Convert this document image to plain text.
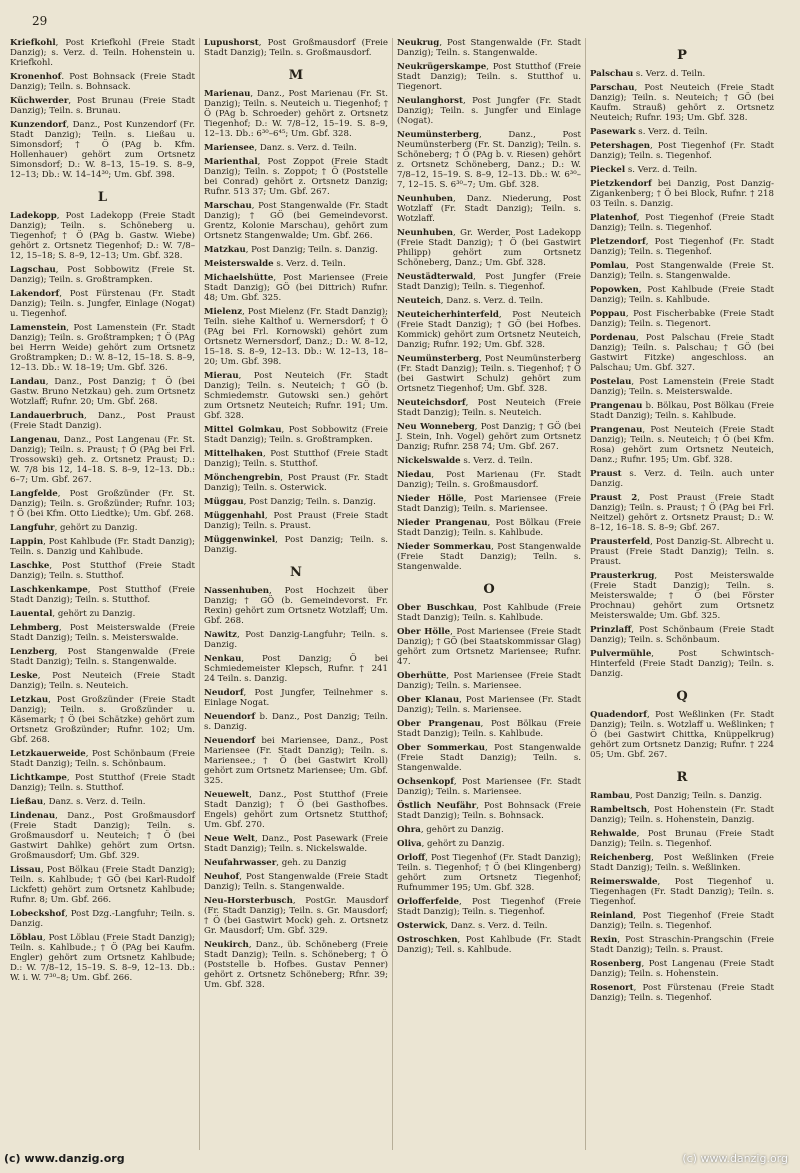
29
Kriefkohl, Post Kriefkohl (Freie Stadt Danzig); s. Verz. d. Teiln. Hohenstein u. Kriefkohl.
Kronenhof. Post Bohnsack (Freie Stadt Danzig); Teiln. s. Bohnsack.
Küchwerder, Post Brunau (Freie Stadt Danzig); Teiln. s. Brunau.
Kunzendorf, Danz., Post Kunzendorf (Fr. Stadt Danzig); Teiln. s. Ließau u. Simonsdorf; † Ö (PAg b. Kfm. Hollenhauer) gehört zum Ortsnetz Simonsdorf; D.: W. 8–13, 15–19. S. 8–9, 12–13; Db.: W. 14–14³⁰; Um. Gbf. 398.
L
Ladekopp, Post Ladekopp (Freie Stadt Danzig); Teiln. s. Schöneberg u. Tiegenhof; † Ö (PAg b. Gastw. Wiebe) gehört z. Ortsnetz Tiegenhof; D.: W. 7/8–12, 15–18; S. 8–9, 12–13; Um. Gbf. 328.
Lagschau, Post Sobbowitz (Freie St. Danzig); Teiln. s. Großtrampken.
Lakendorf, Post Fürstenau (Fr. Stadt Danzig); Teiln. s. Jungfer, Einlage (Nogat) u. Tiegenhof.
Lamenstein, Post Lamenstein (Fr. Stadt Danzig); Teiln. s. Großtrampken; † Ö (PAg bei Herrn Weide) gehört zum Ortsnetz Großtrampken; D.: W. 8–12, 15–18. S. 8–9, 12–13. Db.: W. 18–19; Um. Gbf. 326.
Landau, Danz., Post Danzig; † Ö (bei Gastw. Bruno Netzkau) geh. zum Ortsnetz Wotzlaff; Rufnr. 20; Um. Gbf. 268.
Landauerbruch, Danz., Post Praust (Freie Stadt Danzig).
Langenau, Danz., Post Langenau (Fr. St. Danzig); Teiln. s. Praust; † Ö (PAg bei Frl. Trossowski) geh. z. Ortsnetz Praust; D.: W. 7/8 bis 12, 14–18. S. 8–9, 12–13. Db.: 6–7; Um. Gbf. 267.
Langfelde, Post Großzünder (Fr. St. Danzig); Teiln. s. Großzünder; Rufnr. 103; † Ö (bei Kfm. Otto Liedtke); Um. Gbf. 268.
Langfuhr, gehört zu Danzig.
Lappin, Post Kahlbude (Fr. Stadt Danzig); Teiln. s. Danzig und Kahlbude.
Laschke, Post Stutthof (Freie Stadt Danzig); Teiln. s. Stutthof.
Laschkenkampe, Post Stutthof (Freie Stadt Danzig); Teiln. s. Stutthof.
Lauental, gehört zu Danzig.
Lehmberg, Post Meisterswalde (Freie Stadt Danzig); Teiln. s. Meisterswalde.
Lenzberg, Post Stangenwalde (Freie Stadt Danzig); Teiln. s. Stangenwalde.
Leske, Post Neuteich (Freie Stadt Danzig); Teiln. s. Neuteich.
Letzkau, Post Großzünder (Freie Stadt Danzig); Teiln. s. Großzünder u. Käsemark; † Ö (bei Schätzke) gehört zum Ortsnetz Großzünder; Rufnr. 102; Um. Gbf. 268.
Letzkauerweide, Post Schönbaum (Freie Stadt Danzig); Teiln. s. Schönbaum.
Lichtkampe, Post Stutthof (Freie Stadt Danzig); Teiln. s. Stutthof.
Ließau, Danz. s. Verz. d. Teiln.
Lindenau, Danz., Post Großmausdorf (Freie Stadt Danzig); Teiln. s. Großmausdorf u. Neuteich; † Ö (bei Gastwirt Dahlke) gehört zum Ortsn. Großmausdorf; Um. Gbf. 329.
Lissau, Post Bölkau (Freie Stadt Danzig); Teiln. s. Kahlbude; † GÖ (bei Karl-Rudolf Lickfett) gehört zum Ortsnetz Kahlbude; Rufnr. 8; Um. Gbf. 266.
Lobeckshof, Post Dzg.-Langfuhr; Teiln. s. Danzig.
Löblau, Post Löblau (Freie Stadt Danzig); Teiln. s. Kahlbude.; † Ö (PAg bei Kaufm. Engler) gehört zum Ortsnetz Kahlbude; D.: W. 7/8–12, 15–19. S. 8–9, 12–13. Db.: W. i. W. 7³⁰–8; Um. Gbf. 266.
Lupushorst, Post Großmausdorf (Freie Stadt Danzig); Teiln. s. Großmausdorf.
M
Marienau, Danz., Post Marienau (Fr. St. Danzig); Teiln. s. Neuteich u. Tiegenhof; † Ö (PAg b. Schroeder) gehört z. Ortsnetz Tiegenhof; D.: W. 7/8–12, 15–19. S. 8–9, 12–13. Db.: 6³⁰–6⁴⁵; Um. Gbf. 328.
Mariensee, Danz. s. Verz. d. Teiln.
Marienthal, Post Zoppot (Freie Stadt Danzig); Teiln. s. Zoppot; † Ö (Poststelle bei Conrad) gehört z. Ortsnetz Danzig; Rufnr. 513 37; Um. Gbf. 267.
Marschau, Post Stangenwalde (Fr. Stadt Danzig); † GÖ (bei Gemeindevorst. Grentz, Kolonie Marschau), gehört zum Ortsnetz Stangenwalde; Um. Gbf. 266.
Matzkau, Post Danzig; Teiln. s. Danzig.
Meisterswalde s. Verz. d. Teiln.
Michaelshütte, Post Mariensee (Freie Stadt Danzig); GÖ (bei Dittrich) Rufnr. 48; Um. Gbf. 325.
Mielenz, Post Mielenz (Fr. Stadt Danzig); Teiln. siehe Kalthof u. Wernersdorf; † Ö (PAg bei Frl. Kornowski) gehört zum Ortsnetz Wernersdorf, Danz.; D.: W. 8–12, 15–18. S. 8–9, 12–13. Db.: W. 12–13, 18–20; Um. Gbf. 398.
Mierau, Post Neuteich (Fr. Stadt Danzig); Teiln. s. Neuteich; † GÖ (b. Schmiedemstr. Gutowski sen.) gehört zum Ortsnetz Neuteich; Rufnr. 191; Um. Gbf. 328.
Mittel Golmkau, Post Sobbowitz (Freie Stadt Danzig); Teiln. s. Großtrampken.
Mittelhaken, Post Stutthof (Freie Stadt Danzig); Teiln. s. Stutthof.
Mönchengrebin, Post Praust (Fr. Stadt Danzig); Teiln. s. Osterwick.
Müggau, Post Danzig; Teiln. s. Danzig.
Müggenhahl, Post Praust (Freie Stadt Danzig); Teiln. s. Praust.
Müggenwinkel, Post Danzig; Teiln. s. Danzig.
N
Nassenhuben, Post Hochzeit über Danzig; † GÖ (b. Gemeindevorst. Fr. Rexin) gehört zum Ortsnetz Wotzlaff; Um. Gbf. 268.
Nawitz, Post Danzig-Langfuhr; Teiln. s. Danzig.
Nenkau, Post Danzig; Ö bei Schmiedemeister Klepsch, Rufnr. † 241 24 Teiln. s. Danzig.
Neudorf, Post Jungfer, Teilnehmer s. Einlage Nogat.
Neuendorf b. Danz., Post Danzig; Teiln. s. Danzig.
Neuendorf bei Mariensee, Danz., Post Mariensee (Fr. Stadt Danzig); Teiln. s. Mariensee.; † Ö (bei Gastwirt Kroll) gehört zum Ortsnetz Mariensee; Um. Gbf. 325.
Neuewelt, Danz., Post Stutthof (Freie Stadt Danzig); † Ö (bei Gasthofbes. Engels) gehört zum Ortsnetz Stutthof; Um. Gbf. 270.
Neue Welt, Danz., Post Pasewark (Freie Stadt Danzig); Teiln. s. Nickelswalde.
Neufahrwasser, geh. zu Danzig
Neuhof, Post Stangenwalde (Freie Stadt Danzig); Teiln. s. Stangenwalde.
Neu-Horsterbusch, PostGr. Mausdorf (Fr. Stadt Danzig); Teiln. s. Gr. Mausdorf; † Ö (bei Gastwirt Mock) geh. z. Ortsnetz Gr. Mausdorf; Um. Gbf. 329.
Neukirch, Danz., üb. Schöneberg (Freie Stadt Danzig); Teiln. s. Schöneberg; † Ö (Poststelle b. Hofbes. Gustav Penner) gehört z. Ortsnetz Schöneberg; Rfnr. 39; Um. Gbf. 328.
Neukrug, Post Stangenwalde (Fr. Stadt Danzig); Teiln. s. Stangenwalde.
Neukrügerskampe, Post Stutthof (Freie Stadt Danzig); Teiln. s. Stutthof u. Tiegenort.
Neulanghorst, Post Jungfer (Fr. Stadt Danzig); Teiln. s. Jungfer und Einlage (Nogat).
Neumünsterberg, Danz., Post Neumünsterberg (Fr. St. Danzig); Teiln. s. Schöneberg; † Ö (PAg b. v. Riesen) gehört z. Ortsnetz Schöneberg, Danz.; D.: W. 7/8–12, 15–19. S. 8–9, 12–13. Db.: W. 6³⁰–7, 12–15. S. 6³⁰–7; Um. Gbf. 328.
Neunhuben, Danz. Niederung, Post Wotzlaff (Fr. Stadt Danzig); Teiln. s. Wotzlaff.
Neunhuben, Gr. Werder, Post Ladekopp (Freie Stadt Danzig); † Ö (bei Gastwirt Philipp) gehört zum Ortsnetz Schöneberg, Danz.; Um. Gbf. 328.
Neustädterwald, Post Jungfer (Freie Stadt Danzig); Teiln. s. Tiegenhof.
Neuteich, Danz. s. Verz. d. Teiln.
Neuteicherhinterfeld, Post Neuteich (Freie Stadt Danzig); † GÖ (bei Hofbes. Kommick) gehört zum Ortsnetz Neuteich, Danzig; Rufnr. 192; Um. Gbf. 328.
Neumünsterberg, Post Neumünsterberg (Fr. Stadt Danzig); Teiln. s. Tiegenhof; † Ö (bei Gastwirt Schulz) gehört zum Ortsnetz Tiegenhof; Um. Gbf. 328.
Neuteichsdorf, Post Neuteich (Freie Stadt Danzig); Teiln. s. Neuteich.
Neu Wonneberg, Post Danzig; † GÖ (bei J. Stein, Inh. Vogel) gehört zum Ortsnetz Danzig; Rufnr. 258 74; Um. Gbf. 267.
Nickelswalde s. Verz. d. Teiln.
Niedau, Post Marienau (Fr. Stadt Danzig); Teiln. s. Großmausdorf.
Nieder Hölle, Post Mariensee (Freie Stadt Danzig); Teiln. s. Mariensee.
Nieder Prangenau, Post Bölkau (Freie Stadt Danzig); Teiln. s. Kahlbude.
Nieder Sommerkau, Post Stangenwalde (Freie Stadt Danzig); Teiln. s. Stangenwalde.
O
Ober Buschkau, Post Kahlbude (Freie Stadt Danzig); Teiln. s. Kahlbude.
Ober Hölle, Post Mariensee (Freie Stadt Danzig); † GÖ (bei Staatskommissar Glag) gehört zum Ortsnetz Mariensee; Rufnr. 47.
Oberhütte, Post Mariensee (Freie Stadt Danzig); Teiln. s. Mariensee.
Ober Klanau, Post Mariensee (Fr. Stadt Danzig); Teiln. s. Mariensee.
Ober Prangenau, Post Bölkau (Freie Stadt Danzig); Teiln. s. Kahlbude.
Ober Sommerkau, Post Stangenwalde (Freie Stadt Danzig); Teiln. s. Stangenwalde.
Ochsenkopf, Post Mariensee (Fr. Stadt Danzig); Teiln. s. Mariensee.
Östlich Neufähr, Post Bohnsack (Freie Stadt Danzig); Teiln. s. Bohnsack.
Ohra, gehört zu Danzig.
Oliva, gehört zu Danzig.
Orloff, Post Tiegenhof (Fr. Stadt Danzig); Teiln. s. Tiegenhof; † Ö (bei Klingenberg) gehört zum Ortsnetz Tiegenhof; Rufnummer 195; Um. Gbf. 328.
Orlofferfelde, Post Tiegenhof (Freie Stadt Danzig); Teiln. s. Tiegenhof.
Osterwick, Danz. s. Verz. d. Teiln.
Ostroschken, Post Kahlbude (Fr. Stadt Danzig); Teil. s. Kahlbude.
P
Palschau s. Verz. d. Teiln.
Parschau, Post Neuteich (Freie Stadt Danzig); Teiln. s. Neuteich; † GÖ (bei Kaufm. Strauß) gehört z. Ortsnetz Neuteich; Rufnr. 193; Um. Gbf. 328.
Pasewark s. Verz. d. Teiln.
Petershagen, Post Tiegenhof (Fr. Stadt Danzig); Teiln. s. Tiegenhof.
Pieckel s. Verz. d. Teiln.
Pietzkendorf bei Danzig, Post Danzig-Zigankenberg; † Ö bei Block, Rufnr. † 218 03 Teiln. s. Danzig.
Platenhof, Post Tiegenhof (Freie Stadt Danzig); Teiln. s. Tiegenhof.
Pletzendorf, Post Tiegenhof (Fr. Stadt Danzig); Teiln. s. Tiegenhof.
Pomlau, Post Stangenwalde (Freie St. Danzig); Teiln. s. Stangenwalde.
Popowken, Post Kahlbude (Freie Stadt Danzig); Teiln. s. Kahlbude.
Poppau, Post Fischerbabke (Freie Stadt Danzig); Teiln. s. Tiegenort.
Pordenau, Post Palschau (Freie Stadt Danzig); Teiln. s. Palschau; † GÖ (bei Gastwirt Fitzke) angeschloss. an Palschau; Um. Gbf. 327.
Postelau, Post Lamenstein (Freie Stadt Danzig); Teiln. s. Meisterswalde.
Prangenau b. Bölkau, Post Bölkau (Freie Stadt Danzig); Teiln. s. Kahlbude.
Prangenau, Post Neuteich (Freie Stadt Danzig); Teiln. s. Neuteich; † Ö (bei Kfm. Rosa) gehört zum Ortsnetz Neuteich, Danz.; Rufnr. 195; Um. Gbf. 328.
Praust s. Verz. d. Teiln. auch unter Danzig.
Praust 2, Post Praust (Freie Stadt Danzig); Teiln. s. Praust; † Ö (PAg bei Frl. Neitzel) gehört z. Ortsnetz Praust; D.: W. 8–12, 16–18. S. 8–9; Gbf. 267.
Prausterfeld, Post Danzig-St. Albrecht u. Praust (Freie Stadt Danzig); Teiln. s. Praust.
Prausterkrug, Post Meisterswalde (Freie Stadt Danzig); Teiln. s. Meisterswalde; † Ö (bei Förster Prochnau) gehört zum Ortsnetz Meisterswalde; Um. Gbf. 325.
Prinzlaff, Post Schönbaum (Freie Stadt Danzig); Teiln. s. Schönbaum.
Pulvermühle, Post Schwintsch-Hinterfeld (Freie Stadt Danzig); Teiln. s. Danzig.
Q
Quadendorf, Post Weßlinken (Fr. Stadt Danzig); Teiln. s. Wotzlaff u. Weßlinken; † Ö (bei Gastwirt Chittka, Knüppelkrug) gehört zum Ortsnetz Danzig; Rufnr. † 224 05; Um. Gbf. 267.
R
Rambau, Post Danzig; Teiln. s. Danzig.
Rambeltsch, Post Hohenstein (Fr. Stadt Danzig); Teiln. s. Hohenstein, Danzig.
Rehwalde, Post Brunau (Freie Stadt Danzig); Teiln. s. Tiegenhof.
Reichenberg, Post Weßlinken (Freie Stadt Danzig); Teiln. s. Weßlinken.
Reimerswalde, Post Tiegenhof u. Tiegenhagen (Fr. Stadt Danzig); Teiln. s. Tiegenhof.
Reinland, Post Tiegenhof (Freie Stadt Danzig); Teiln. s. Tiegenhof.
Rexin, Post Straschin-Prangschin (Freie Stadt Danzig); Teiln. s. Praust.
Rosenberg, Post Langenau (Freie Stadt Danzig); Teiln. s. Hohenstein.
Rosenort, Post Fürstenau (Freie Stadt Danzig); Teiln. s. Tiegenhof.
(c) www.danzig.org	(c) www.danzig.org
